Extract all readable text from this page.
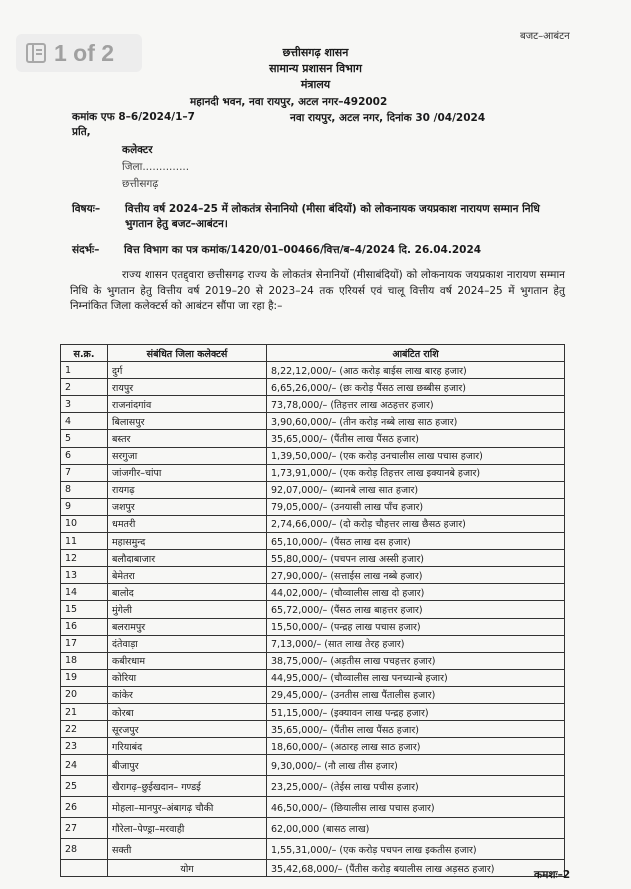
1 of 2
बजट–आबंटन
छत्तीसगढ़ शासन
सामान्य प्रशासन विभाग
मंत्रालय
महानदी भवन, नवा रायपुर, अटल नगर–492002
कमांक एफ 8–6/2024/1–7	नवा रायपुर, अटल नगर, दिनांक 30 /04/2024
प्रति,
कलेक्टर
जिला..............
छत्तीसगढ़
विषयः– वित्तीय वर्ष 2024–25 में लोकतंत्र सेनानियो (मीसा बंदियों) को लोकनायक जयप्रकाश नारायण सम्मान निधि भुगतान हेतु बजट–आबंटन।
संदर्भः– वित्त विभाग का पत्र कमांक/1420/01–00466/वित्त/ब–4/2024 दि. 26.04.2024
राज्य शासन एतद्द्वारा छत्तीसगढ़ राज्य के लोकतंत्र सेनानियों (मीसाबंदियों) को लोकनायक जयप्रकाश नारायण सम्मान निधि के भुगतान हेतु वित्तीय वर्ष 2019–20 से 2023–24 तक एरियर्स एवं चालू वित्तीय वर्ष 2024–25 में भुगतान हेतु निम्नांकित जिला कलेक्टर्स को आबंटन सौंपा जा रहा है:–
स.क्र.	संबंधित जिला कलेक्टर्स	आबंटित राशि
1	दुर्ग	8,22,12,000/– (आठ करोड़ बाईस लाख बारह हजार)
2	रायपुर	6,65,26,000/– (छः करोड़ पैंसठ लाख छब्बीस हजार)
3	राजनांदगांव	73,78,000/– (तिहत्तर लाख अठहत्तर हजार)
4	बिलासपुर	3,90,60,000/– (तीन करोड़ नब्बे लाख साठ हजार)
5	बस्तर	35,65,000/– (पैंतीस लाख पैंसठ हजार)
6	सरगुजा	1,39,50,000/– (एक करोड़ उनचालीस लाख पचास हजार)
7	जांजगीर–चांपा	1,73,91,000/– (एक करोड़ तिहत्तर लाख इक्यानबे हजार)
8	रायगढ़	92,07,000/– (ब्यानबे लाख सात हजार)
9	जशपुर	79,05,000/– (उनयासी लाख पाँच हजार)
10	धमतरी	2,74,66,000/– (दो करोड़ चौहत्तर लाख छैसठ हजार)
11	महासमुन्द	65,10,000/– (पैंसठ लाख दस हजार)
12	बलौदाबाजार	55,80,000/– (पचपन लाख अस्सी हजार)
13	बेमेतरा	27,90,000/– (सत्ताईस लाख नब्बे हजार)
14	बालोद	44,02,000/– (चौव्वालीस लाख दो हजार)
15	मुंगेली	65,72,000/– (पैंसठ लाख बाहत्तर हजार)
16	बलरामपुर	15,50,000/– (पन्द्रह लाख पचास हजार)
17	दंतेवाड़ा	7,13,000/– (सात लाख तेरह हजार)
18	कबीरधाम	38,75,000/– (अड़तीस लाख पचहत्तर हजार)
19	कोरिया	44,95,000/– (चौव्वालीस लाख पनच्यान्बे हजार)
20	कांकेर	29,45,000/– (उनतीस लाख पैंतालीस हजार)
21	कोरबा	51,15,000/– (इक्यावन लाख पन्द्रह हजार)
22	सूरजपुर	35,65,000/– (पैंतीस लाख पैंसठ हजार)
23	गरियाबंद	18,60,000/– (अठारह लाख साठ हजार)
24	बीजापुर	9,30,000/– (नौ लाख तीस हजार)
25	खैरागढ़–छुईखदान– गण्डई	23,25,000/– (तेईस लाख पचीस हजार)
26	मोहला–मानपुर–अंबागढ़ चौकी	46,50,000/– (छियालीस लाख पचास हजार)
27	गौरेला–पेण्ड्रा–मरवाही	62,00,000 (बासठ लाख)
28	सक्ती	1,55,31,000/– (एक करोड़ पचपन लाख इकतीस हजार)
	योग	35,42,68,000/– (पैंतीस करोड़ बयालीस लाख अड़सठ हजार)	कमशः–2
